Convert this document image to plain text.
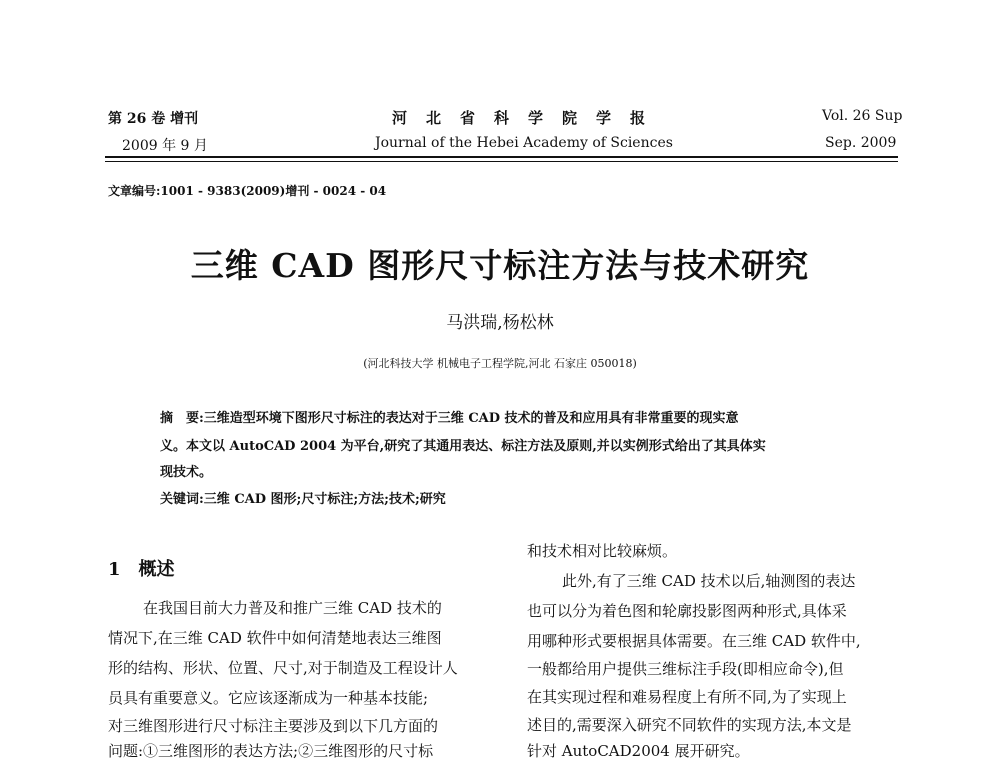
第 26 卷 增刊
2009 年 9 月
河北省科学院学报
Journal of the Hebei Academy of Sciences
Vol. 26 Sup
Sep. 2009
文章编号:1001 - 9383(2009)增刊 - 0024 - 04
三维 CAD 图形尺寸标注方法与技术研究
马洪瑞,杨松林
(河北科技大学 机械电子工程学院,河北 石家庄 050018)
摘　要:三维造型环境下图形尺寸标注的表达对于三维 CAD 技术的普及和应用具有非常重要的现实意
义。本文以 AutoCAD 2004 为平台,研究了其通用表达、标注方法及原则,并以实例形式给出了其具体实
现技术。
关键词:三维 CAD 图形;尺寸标注;方法;技术;研究
1　概述
在我国目前大力普及和推广三维 CAD 技术的
情况下,在三维 CAD 软件中如何清楚地表达三维图
形的结构、形状、位置、尺寸,对于制造及工程设计人
员具有重要意义。它应该逐渐成为一种基本技能;
对三维图形进行尺寸标注主要涉及到以下几方面的
问题:①三维图形的表达方法;②三维图形的尺寸标
和技术相对比较麻烦。
此外,有了三维 CAD 技术以后,轴测图的表达
也可以分为着色图和轮廓投影图两种形式,具体采
用哪种形式要根据具体需要。在三维 CAD 软件中,
一般都给用户提供三维标注手段(即相应命令),但
在其实现过程和难易程度上有所不同,为了实现上
述目的,需要深入研究不同软件的实现方法,本文是
针对 AutoCAD2004 展开研究。
